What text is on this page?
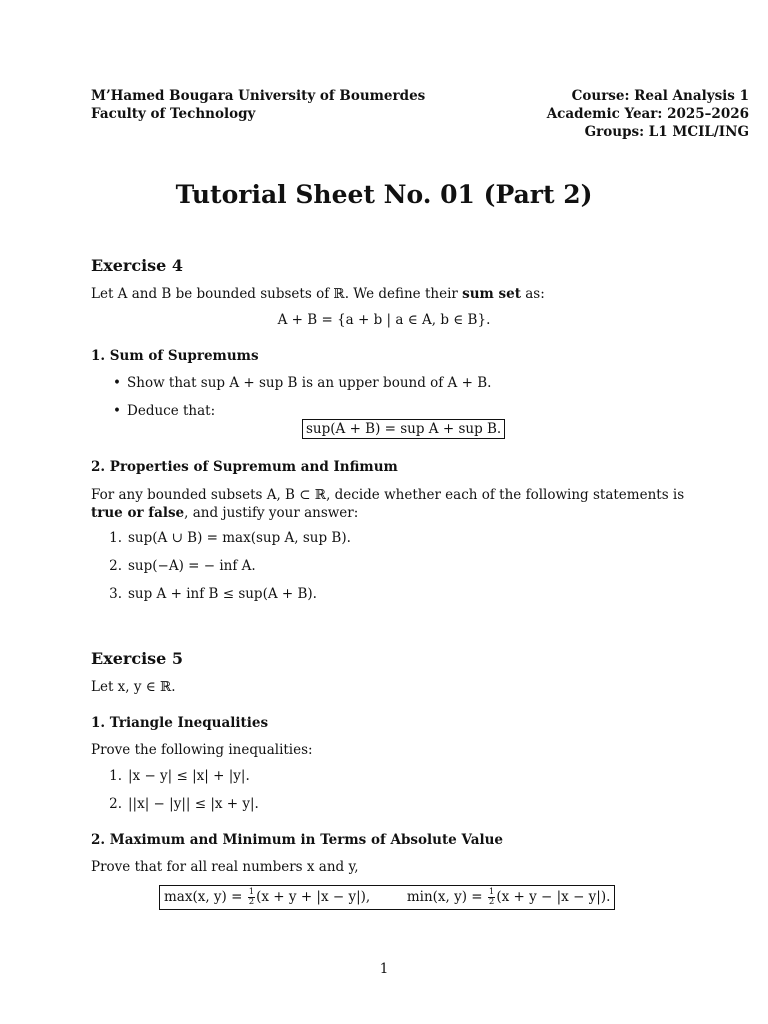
M’Hamed Bougara University of Boumerdes
Faculty of Technology
Course: Real Analysis 1
Academic Year: 2025–2026
Groups: L1 MCIL/ING
Tutorial Sheet No. 01 (Part 2)
Exercise 4
Let A and B be bounded subsets of ℝ. We define their sum set as:
A + B = {a + b | a ∈ A, b ∈ B}.
1. Sum of Supremums
• Show that sup A + sup B is an upper bound of A + B.
• Deduce that:
sup(A + B) = sup A + sup B.
2. Properties of Supremum and Infimum
For any bounded subsets A, B ⊂ ℝ, decide whether each of the following statements is
true or false, and justify your answer:
1. sup(A ∪ B) = max(sup A, sup B).
2. sup(−A) = − inf A.
3. sup A + inf B ≤ sup(A + B).
Exercise 5
Let x, y ∈ ℝ.
1. Triangle Inequalities
Prove the following inequalities:
1. |x − y| ≤ |x| + |y|.
2. ||x| − |y|| ≤ |x + y|.
2. Maximum and Minimum in Terms of Absolute Value
Prove that for all real numbers x and y,
max(x, $y) = \frac{1}{2} (x + y + |x - y|)$,	min(x, $y) = \frac{1}{2} (x + y - |x - y|)$.
1
